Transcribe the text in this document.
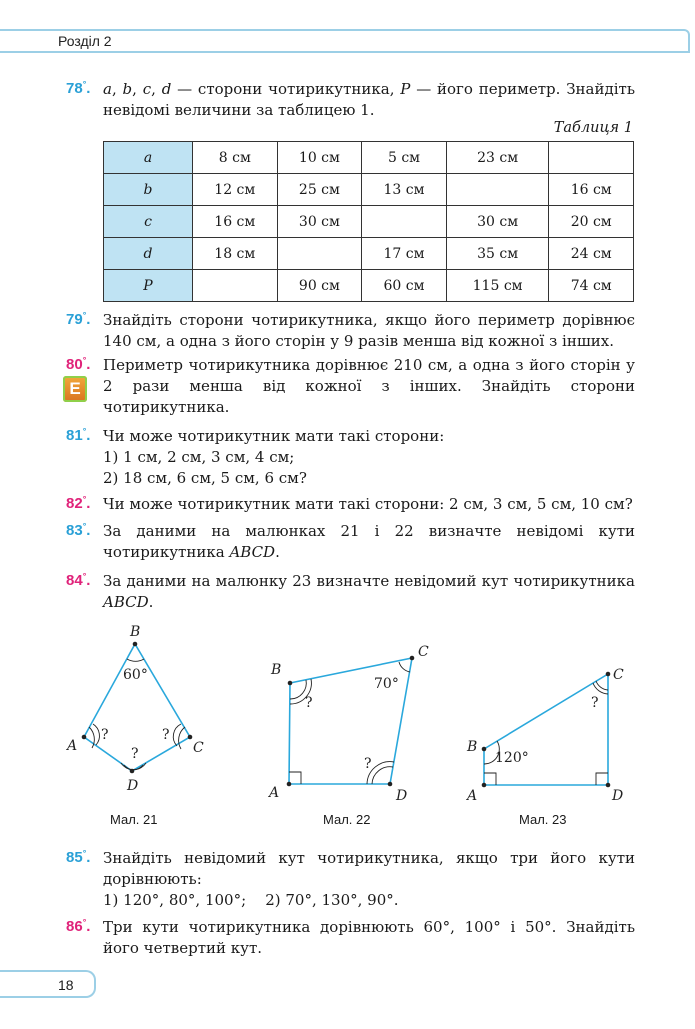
Розділ 2
78°. a, b, c, d — сторони чотирикутника, P — його периметр. Знайдіть невідомі величини за таблицею 1.
Таблиця 1
a	8 см	10 см	5 см	23 см	
b	12 см	25 см	13 см		16 см
c	16 см	30 см		30 см	20 см
d	18 см		17 см	35 см	24 см
P		90 см	60 см	115 см	74 см
79°. Знайдіть сторони чотирикутника, якщо його периметр дорівнює 140 см, а одна з його сторін у 9 разів менша від кожної з інших.
80°.
E
Периметр чотирикутника дорівнює 210 см, а одна з його сторін у 2 рази менша від кожної з інших. Знайдіть сторони чотирикутника.
81°. Чи може чотирикутник мати такі сторони:
1) 1 см, 2 см, 3 см, 4 см;
2) 18 см, 6 см, 5 см, 6 см?
82°. Чи може чотирикутник мати такі сторони: 2 см, 3 см, 5 см, 10 см?
83°. За даними на малюнках 21 і 22 визначте невідомі кути чотирикутника ABCD.
84°. За даними на малюнку 23 визначте невідомий кут чотирикутника ABCD.
B
A	C
D
B
C
A	D
B
C
A	D
60°
?	?
?
70°
?
?	120°
?
Мал. 21	Мал. 22	Мал. 23
85°. Знайдіть невідомий кут чотирикутника, якщо три його кути дорівнюють:
1) 120°, 80°, 100°;    2) 70°, 130°, 90°.
86°. Три кути чотирикутника дорівнюють 60°, 100° і 50°. Знайдіть його четвертий кут.
18
